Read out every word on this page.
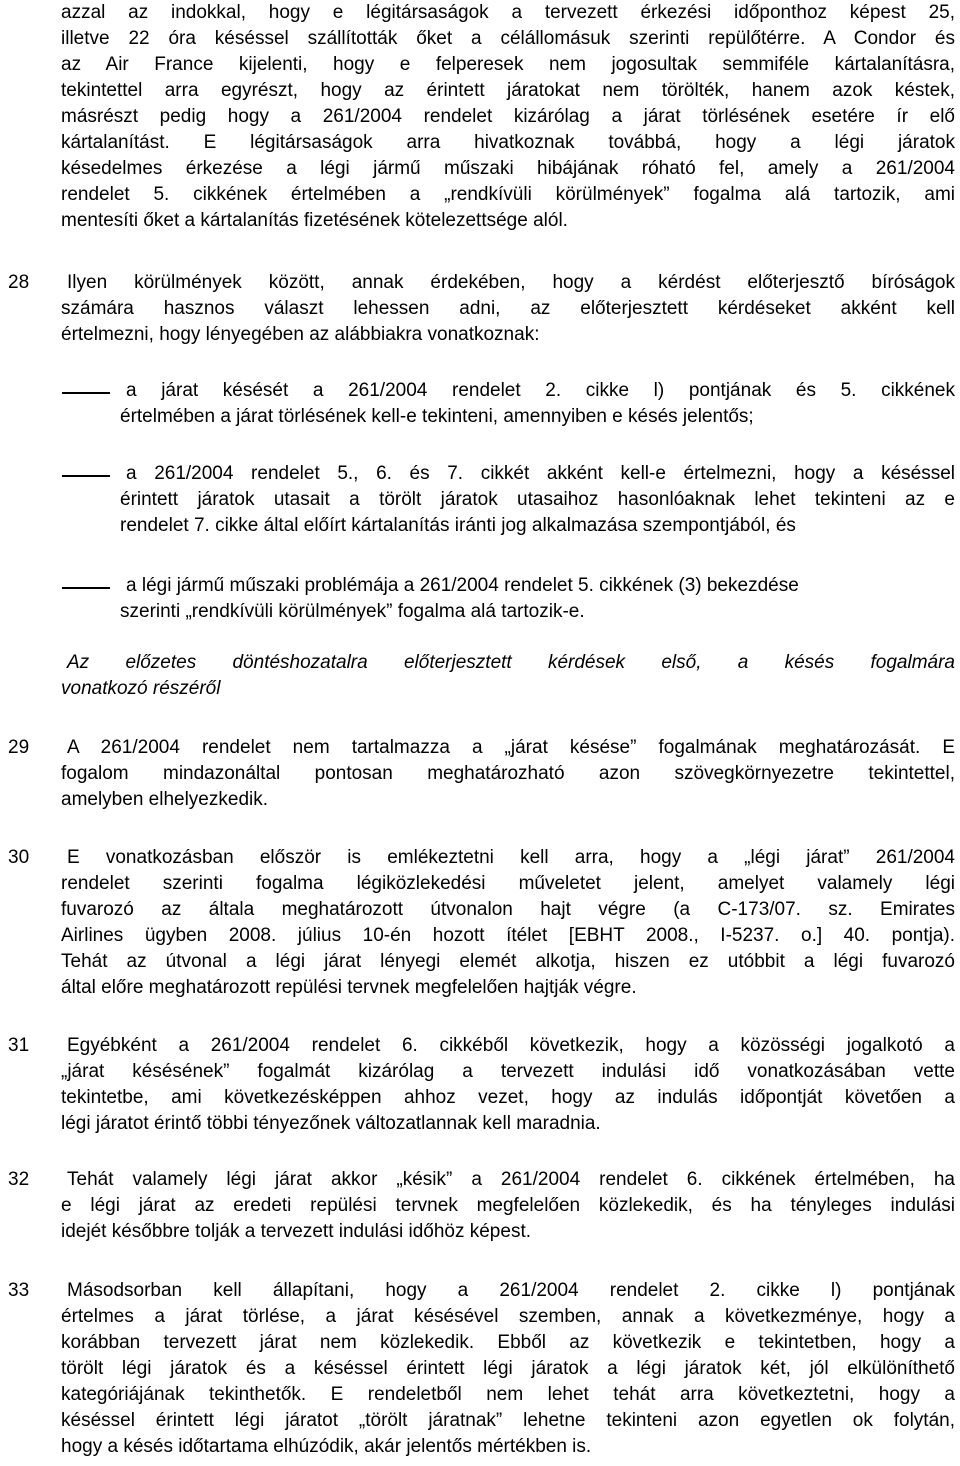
azzal az indokkal, hogy e légitársaságok a tervezett érkezési időponthoz képest 25,
illetve 22 óra késéssel szállították őket a célállomásuk szerinti repülőtérre. A Condor és
az Air France kijelenti, hogy e felperesek nem jogosultak semmiféle kártalanításra,
tekintettel arra egyrészt, hogy az érintett járatokat nem törölték, hanem azok késtek,
másrészt pedig hogy a 261/2004 rendelet kizárólag a járat törlésének esetére ír elő
kártalanítást. E légitársaságok arra hivatkoznak továbbá, hogy a légi járatok
késedelmes érkezése a légi jármű műszaki hibájának róható fel, amely a 261/2004
rendelet 5. cikkének értelmében a „rendkívüli körülmények” fogalma alá tartozik, ami
mentesíti őket a kártalanítás fizetésének kötelezettsége alól.
28	Ilyen körülmények között, annak érdekében, hogy a kérdést előterjesztő bíróságok
számára hasznos választ lehessen adni, az előterjesztett kérdéseket akként kell
értelmezni, hogy lényegében az alábbiakra vonatkoznak:
a járat késését a 261/2004 rendelet 2. cikke l) pontjának és 5. cikkének
értelmében a járat törlésének kell-e tekinteni, amennyiben e késés jelentős;
a 261/2004 rendelet 5., 6. és 7. cikkét akként kell-e értelmezni, hogy a késéssel
érintett járatok utasait a törölt járatok utasaihoz hasonlóaknak lehet tekinteni az e
rendelet 7. cikke által előírt kártalanítás iránti jog alkalmazása szempontjából, és
a légi jármű műszaki problémája a 261/2004 rendelet 5. cikkének (3) bekezdése
szerinti „rendkívüli körülmények” fogalma alá tartozik-e.
Az előzetes döntéshozatalra előterjesztett kérdések első, a késés fogalmára
vonatkozó részéről
29	A 261/2004 rendelet nem tartalmazza a „járat késése” fogalmának meghatározását. E
fogalom mindazonáltal pontosan meghatározható azon szövegkörnyezetre tekintettel,
amelyben elhelyezkedik.
30	E vonatkozásban először is emlékeztetni kell arra, hogy a „légi járat” 261/2004
rendelet szerinti fogalma légiközlekedési műveletet jelent, amelyet valamely légi
fuvarozó az általa meghatározott útvonalon hajt végre (a C-173/07. sz. Emirates
Airlines ügyben 2008. július 10-én hozott ítélet [EBHT 2008., I-5237. o.] 40. pontja).
Tehát az útvonal a légi járat lényegi elemét alkotja, hiszen ez utóbbit a légi fuvarozó
által előre meghatározott repülési tervnek megfelelően hajtják végre.
31	Egyébként a 261/2004 rendelet 6. cikkéből következik, hogy a közösségi jogalkotó a
„járat késésének” fogalmát kizárólag a tervezett indulási idő vonatkozásában vette
tekintetbe, ami következésképpen ahhoz vezet, hogy az indulás időpontját követően a
légi járatot érintő többi tényezőnek változatlannak kell maradnia.
32	Tehát valamely légi járat akkor „késik” a 261/2004 rendelet 6. cikkének értelmében, ha
e légi járat az eredeti repülési tervnek megfelelően közlekedik, és ha tényleges indulási
idejét későbbre tolják a tervezett indulási időhöz képest.
33	Másodsorban kell állapítani, hogy a 261/2004 rendelet 2. cikke l) pontjának
értelmes a járat törlése, a járat késésével szemben, annak a következménye, hogy a
korábban tervezett járat nem közlekedik. Ebből az következik e tekintetben, hogy a
törölt légi járatok és a késéssel érintett légi járatok a légi járatok két, jól elkülöníthető
kategóriájának tekinthetők. E rendeletből nem lehet tehát arra következtetni, hogy a
késéssel érintett légi járatot „törölt járatnak” lehetne tekinteni azon egyetlen ok folytán,
hogy a késés időtartama elhúzódik, akár jelentős mértékben is.
